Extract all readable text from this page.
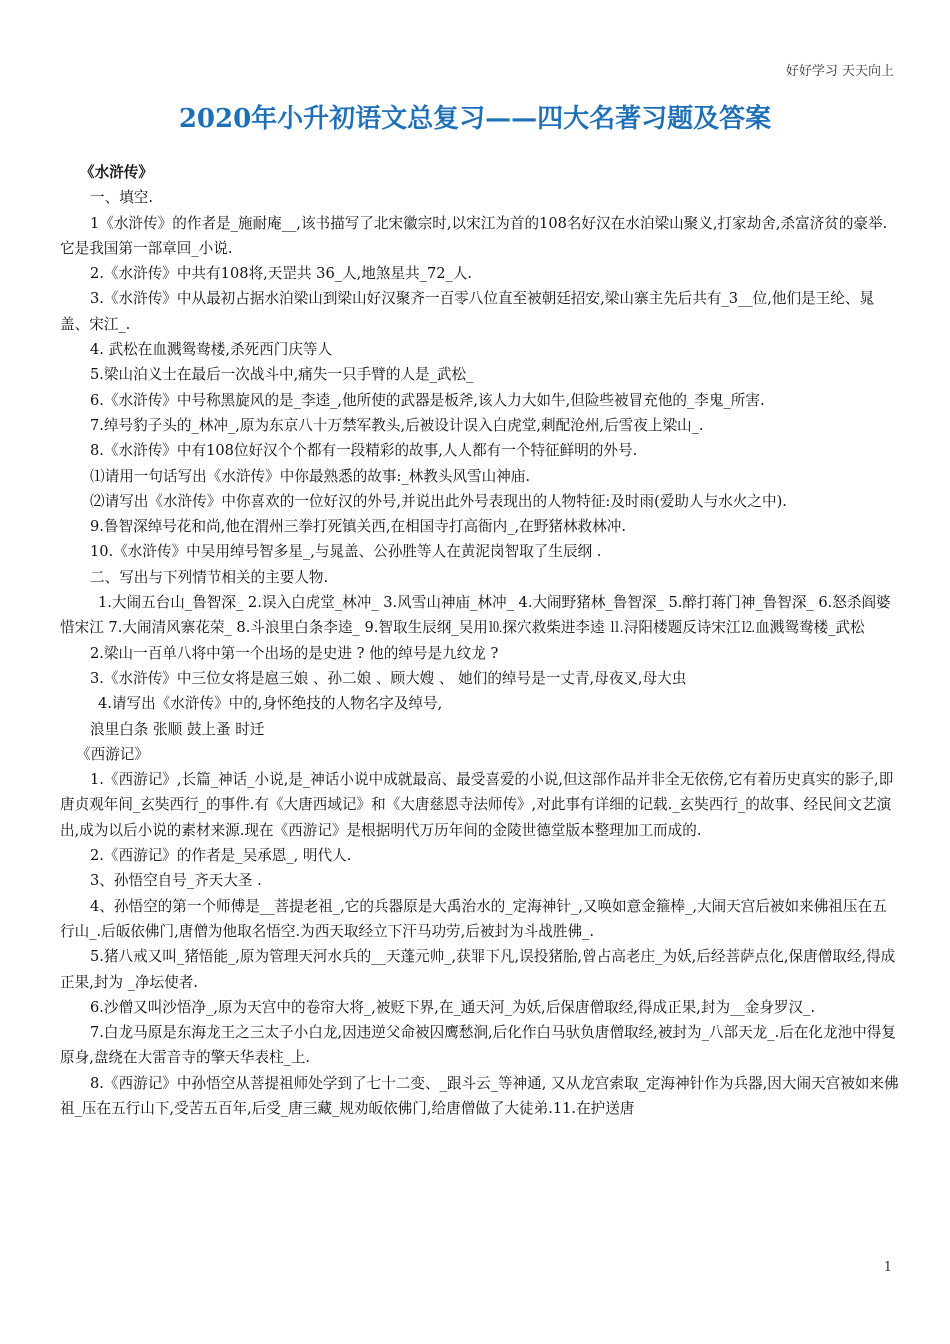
好好学习 天天向上
2020年小升初语文总复习——四大名著习题及答案

《水浒传》

一、填空.

1《水浒传》的作者是_施耐庵__,该书描写了北宋徽宗时,以宋江为首的108名好汉在水泊梁山聚义,打家劫舍,杀富济贫的豪举.它是我国第一部章回_小说.

2.《水浒传》中共有108将,天罡共 36_人,地煞星共_72_人.

3.《水浒传》中从最初占据水泊梁山到梁山好汉聚齐一百零八位直至被朝廷招安,梁山寨主先后共有_3__位,他们是王纶、晁盖、宋江_.

4. 武松在血溅鸳鸯楼,杀死西门庆等人

5.梁山泊义士在最后一次战斗中,痛失一只手臂的人是_武松_

6.《水浒传》中号称黑旋风的是_李逵_,他所使的武器是板斧,该人力大如牛,但险些被冒充他的_李鬼_所害.

7.绰号豹子头的_林冲_,原为东京八十万禁军教头,后被设计误入白虎堂,刺配沧州,后雪夜上梁山_.

8.《水浒传》中有108位好汉个个都有一段精彩的故事,人人都有一个特征鲜明的外号.

⑴请用一句话写出《水浒传》中你最熟悉的故事:_林教头风雪山神庙.

⑵请写出《水浒传》中你喜欢的一位好汉的外号,并说出此外号表现出的人物特征:及时雨(爱助人与水火之中).

9.鲁智深绰号花和尚,他在渭州三拳打死镇关西,在相国寺打高衙内_,在野猪林救林冲.

10.《水浒传》中吴用绰号智多星_,与晁盖、公孙胜等人在黄泥岗智取了生辰纲 .

二、写出与下列情节相关的主要人物.

1.大闹五台山_鲁智深_ 2.误入白虎堂_林冲_ 3.风雪山神庙_林冲_ 4.大闹野猪林_鲁智深_ 5.醉打蒋门神_鲁智深_ 6.怒杀阎婆惜宋江 7.大闹清风寨花荣_ 8.斗浪里白条李逵_ 9.智取生辰纲_吴用⒑探穴救柴进李逵 ⒒浔阳楼题反诗宋江⒓血溅鸳鸯楼_武松

2.梁山一百单八将中第一个出场的是史进 ? 他的绰号是九纹龙 ?

3.《水浒传》中三位女将是扈三娘 、孙二娘 、顾大嫂 、 她们的绰号是一丈青,母夜叉,母大虫

4.请写出《水浒传》中的,身怀绝技的人物名字及绰号,

浪里白条 张顺 鼓上蚤 时迁

《西游记》

1.《西游记》,长篇_神话_小说,是_神话小说中成就最高、最受喜爱的小说,但这部作品并非全无依傍,它有着历史真实的影子,即唐贞观年间_玄奘西行_的事件.有《大唐西域记》和《大唐慈恩寺法师传》,对此事有详细的记载._玄奘西行_的故事、经民间文艺演出,成为以后小说的素材来源.现在《西游记》是根据明代万历年间的金陵世德堂版本整理加工而成的.

2.《西游记》的作者是_吴承恩_, 明代人.

3、孙悟空自号_齐天大圣 .

4、孙悟空的第一个师傅是__菩提老祖_,它的兵器原是大禹治水的_定海神针_,又唤如意金箍棒_,大闹天宫后被如来佛祖压在五行山_.后皈依佛门,唐僧为他取名悟空.为西天取经立下汗马功劳,后被封为斗战胜佛_.

5.猪八戒又叫_猪悟能_,原为管理天河水兵的__天蓬元帅_,获罪下凡,误投猪胎,曾占高老庄_为妖,后经菩萨点化,保唐僧取经,得成正果,封为 _净坛使者.

6.沙僧又叫沙悟净_,原为天宫中的卷帘大将_,被贬下界,在_通天河_为妖,后保唐僧取经,得成正果,封为__金身罗汉_.

7.白龙马原是东海龙王之三太子小白龙,因违逆父命被囚鹰愁涧,后化作白马驮负唐僧取经,被封为_八部天龙_.后在化龙池中得复原身,盘绕在大雷音寺的擎天华表柱_上.

8.《西游记》中孙悟空从菩提祖师处学到了七十二变、_跟斗云_等神通, 又从龙宫索取_定海神针作为兵器,因大闹天宫被如来佛祖_压在五行山下,受苦五百年,后受_唐三藏_规劝皈依佛门,给唐僧做了大徒弟.11.在护送唐

1
